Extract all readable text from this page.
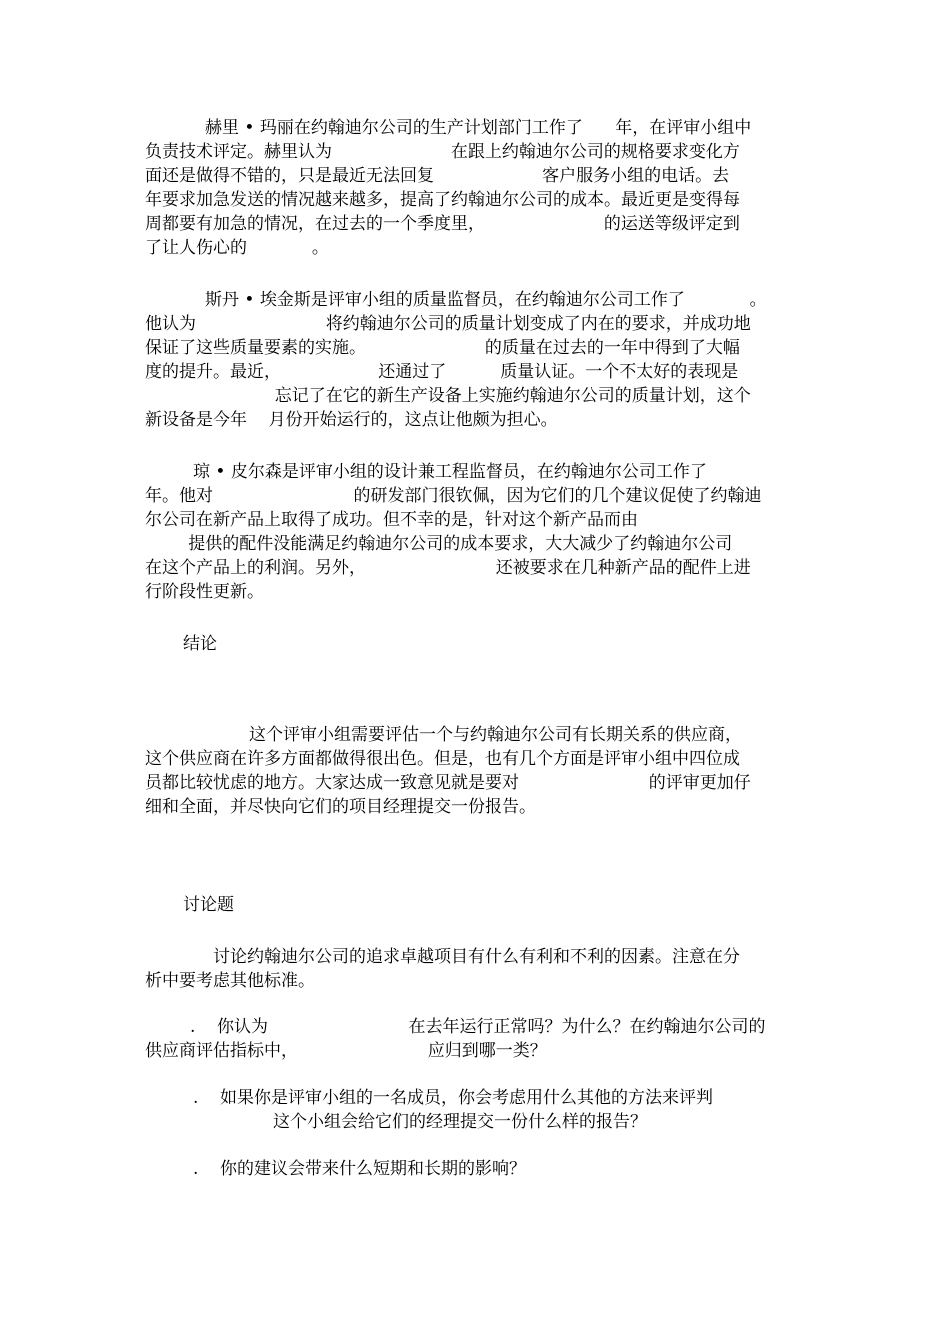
赫里 • 玛丽在约翰迪尔公司的生产计划部门工作了      年，在评审小组中

负责技术评定。赫里认为                      在跟上约翰迪尔公司的规格要求变化方

面还是做得不错的，只是最近无法回复                    客户服务小组的电话。去

年要求加急发送的情况越来越多，提高了约翰迪尔公司的成本。最近更是变得每

周都要有加急的情况，在过去的一个季度里，                      的运送等级评定到

了让人伤心的            。

斯丹 • 埃金斯是评审小组的质量监督员，在约翰迪尔公司工作了            。

他认为                        将约翰迪尔公司的质量计划变成了内在的要求，并成功地

保证了这些质量要素的实施。                      的质量在过去的一年中得到了大幅

度的提升。最近，                  还通过了          质量认证。一个不太好的表现是

忘记了在它的新生产设备上实施约翰迪尔公司的质量计划，这个

新设备是今年    月份开始运行的，这点让他颇为担心。

琼 • 皮尔森是评审小组的设计兼工程监督员，在约翰迪尔公司工作了

年。他对                          的研发部门很钦佩，因为它们的几个建议促使了约翰迪

尔公司在新产品上取得了成功。但不幸的是，针对这个新产品而由

提供的配件没能满足约翰迪尔公司的成本要求，大大减少了约翰迪尔公司

在这个产品上的利润。另外，                        还被要求在几种新产品的配件上进

行阶段性更新。

结论

这个评审小组需要评估一个与约翰迪尔公司有长期关系的供应商，

这个供应商在许多方面都做得很出色。但是，也有几个方面是评审小组中四位成

员都比较忧虑的地方。大家达成一致意见就是要对                        的评审更加仔

细和全面，并尽快向它们的项目经理提交一份报告。

讨论题

讨论约翰迪尔公司的追求卓越项目有什么有利和不利的因素。注意在分

析中要考虑其他标准。

.    你认为                          在去年运行正常吗？为什么？在约翰迪尔公司的

供应商评估指标中，                        应归到哪一类？

.    如果你是评审小组的一名成员，你会考虑用什么其他的方法来评判

这个小组会给它们的经理提交一份什么样的报告？

.    你的建议会带来什么短期和长期的影响？
